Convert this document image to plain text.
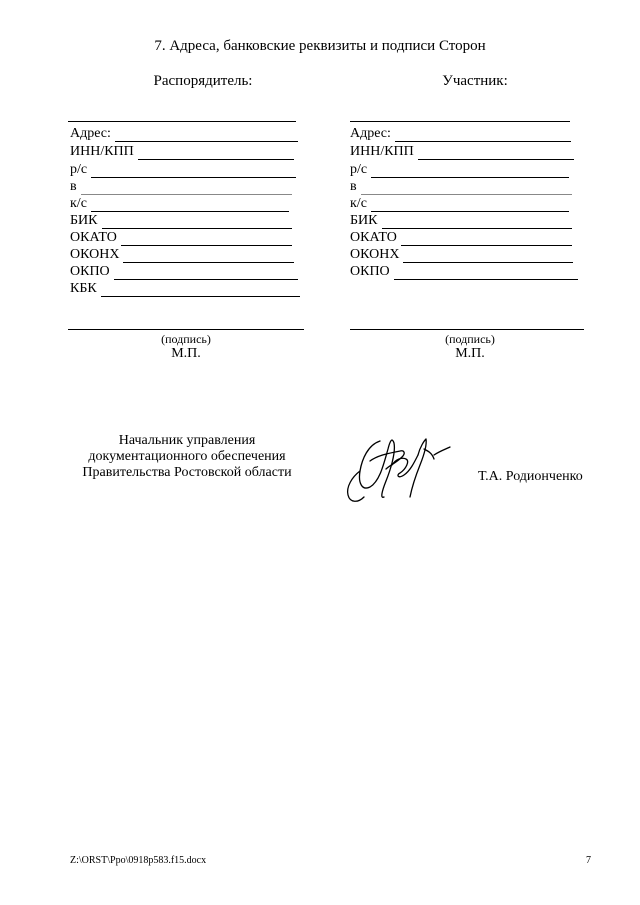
7. Адреса, банковские реквизиты и подписи Сторон
Распорядитель:
Адрес:
ИНН/КПП
р/с
в
к/с
БИК
ОКАТО
ОКОНХ
ОКПО
КБК
(подпись)
М.П.
Участник:
Адрес:
ИНН/КПП
р/с
в
к/с
БИК
ОКАТО
ОКОНХ
ОКПО
(подпись)
М.П.
Начальник управления
документационного обеспечения
Правительства Ростовской области	Т.А. Родионченко
Z:\ORST\Ppo\0918p583.f15.docx	7
